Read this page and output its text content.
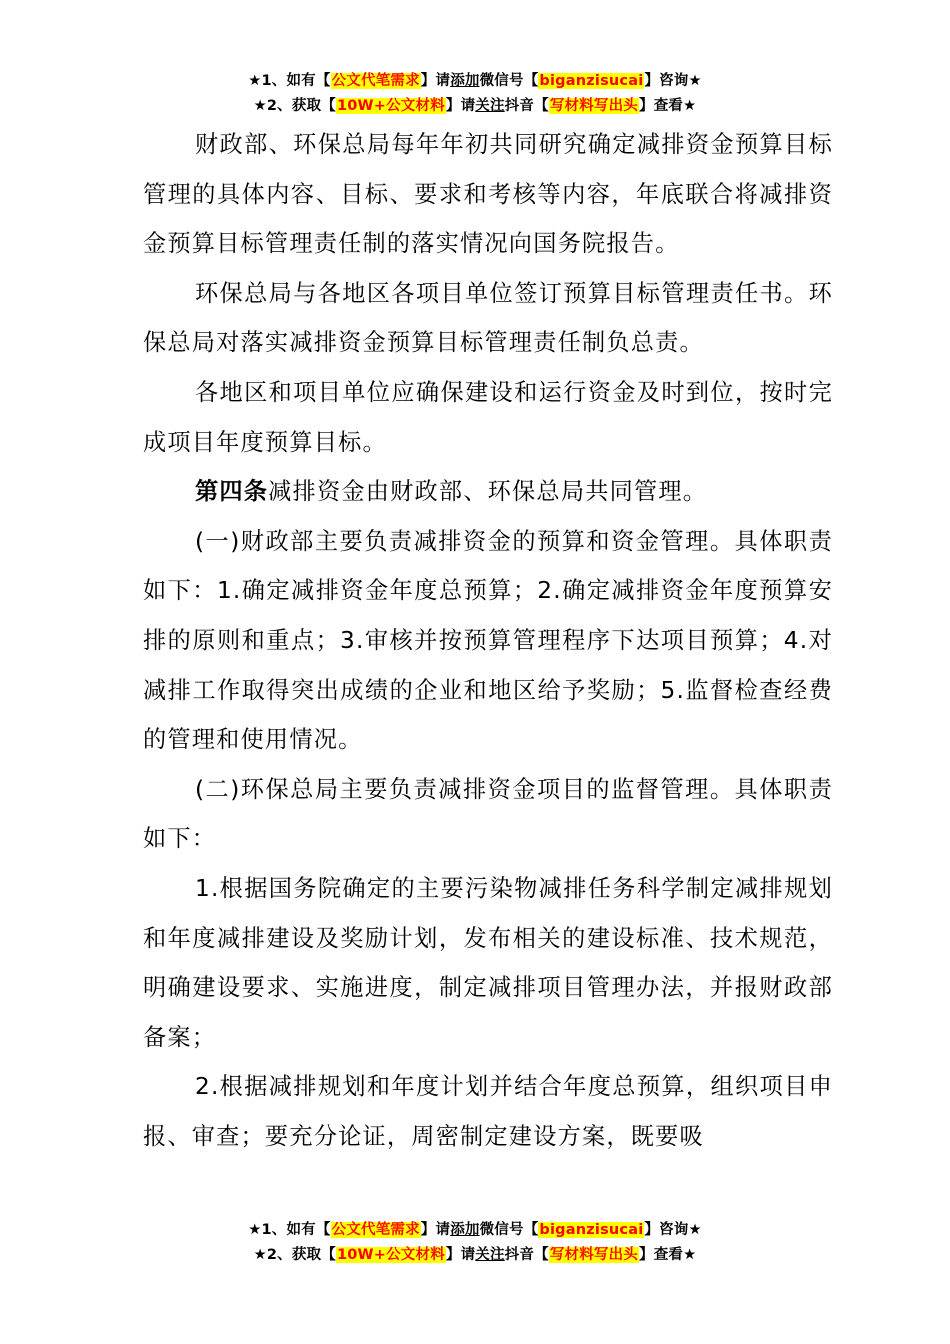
★1、如有【公文代笔需求】请添加微信号【biganzisucai】咨询★
★2、获取【10W+公文材料】请关注抖音【写材料写出头】查看★

财政部、环保总局每年年初共同研究确定减排资金预算目标管理的具体内容、目标、要求和考核等内容，年底联合将减排资金预算目标管理责任制的落实情况向国务院报告。

环保总局与各地区各项目单位签订预算目标管理责任书。环保总局对落实减排资金预算目标管理责任制负总责。

各地区和项目单位应确保建设和运行资金及时到位，按时完成项目年度预算目标。

第四条减排资金由财政部、环保总局共同管理。

(一)财政部主要负责减排资金的预算和资金管理。具体职责如下：1.确定减排资金年度总预算；2.确定减排资金年度预算安排的原则和重点；3.审核并按预算管理程序下达项目预算；4.对减排工作取得突出成绩的企业和地区给予奖励；5.监督检查经费的管理和使用情况。

(二)环保总局主要负责减排资金项目的监督管理。具体职责如下：

1.根据国务院确定的主要污染物减排任务科学制定减排规划和年度减排建设及奖励计划，发布相关的建设标准、技术规范，明确建设要求、实施进度，制定减排项目管理办法，并报财政部备案；

2.根据减排规划和年度计划并结合年度总预算，组织项目申报、审查；要充分论证，周密制定建设方案，既要吸

★1、如有【公文代笔需求】请添加微信号【biganzisucai】咨询★
★2、获取【10W+公文材料】请关注抖音【写材料写出头】查看★
